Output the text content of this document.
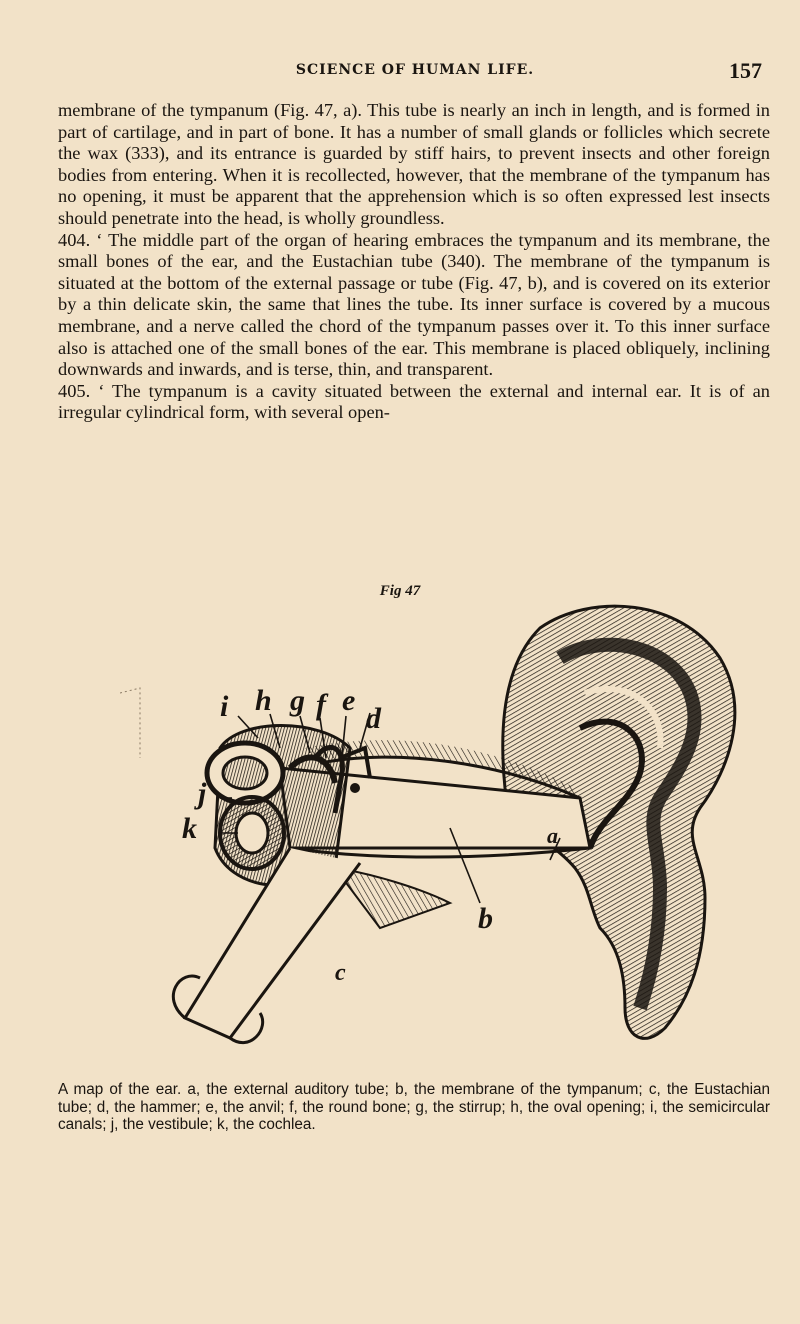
SCIENCE OF HUMAN LIFE.	157

membrane of the tympanum (Fig. 47, a). This tube is nearly an inch in length, and is formed in part of cartilage, and in part of bone. It has a number of small glands or follicles which secrete the wax (333), and its entrance is guarded by stiff hairs, to prevent insects and other foreign bodies from entering. When it is recollected, however, that the membrane of the tympanum has no opening, it must be apparent that the apprehension which is so often expressed lest insects should penetrate into the head, is wholly groundless.

404. ‘ The middle part of the organ of hearing embraces the tympanum and its membrane, the small bones of the ear, and the Eustachian tube (340). The membrane of the tympanum is situated at the bottom of the external passage or tube (Fig. 47, b), and is covered on its exterior by a thin delicate skin, the same that lines the tube. Its inner surface is covered by a mucous membrane, and a nerve called the chord of the tympanum passes over it. To this inner surface also is attached one of the small bones of the ear. This membrane is placed obliquely, inclining downwards and inwards, and is terse, thin, and transparent.

405. ‘ The tympanum is a cavity situated between the external and internal ear. It is of an irregular cylindrical form, with several open-

Fig 47
i h g f e
d
j
k	a
b
c
A map of the ear. a, the external auditory tube; b, the membrane of the tympanum; c, the Eustachian tube; d, the hammer; e, the anvil; f, the round bone; g, the stirrup; h, the oval opening; i, the semicircular canals; j, the vestibule; k, the cochlea.
